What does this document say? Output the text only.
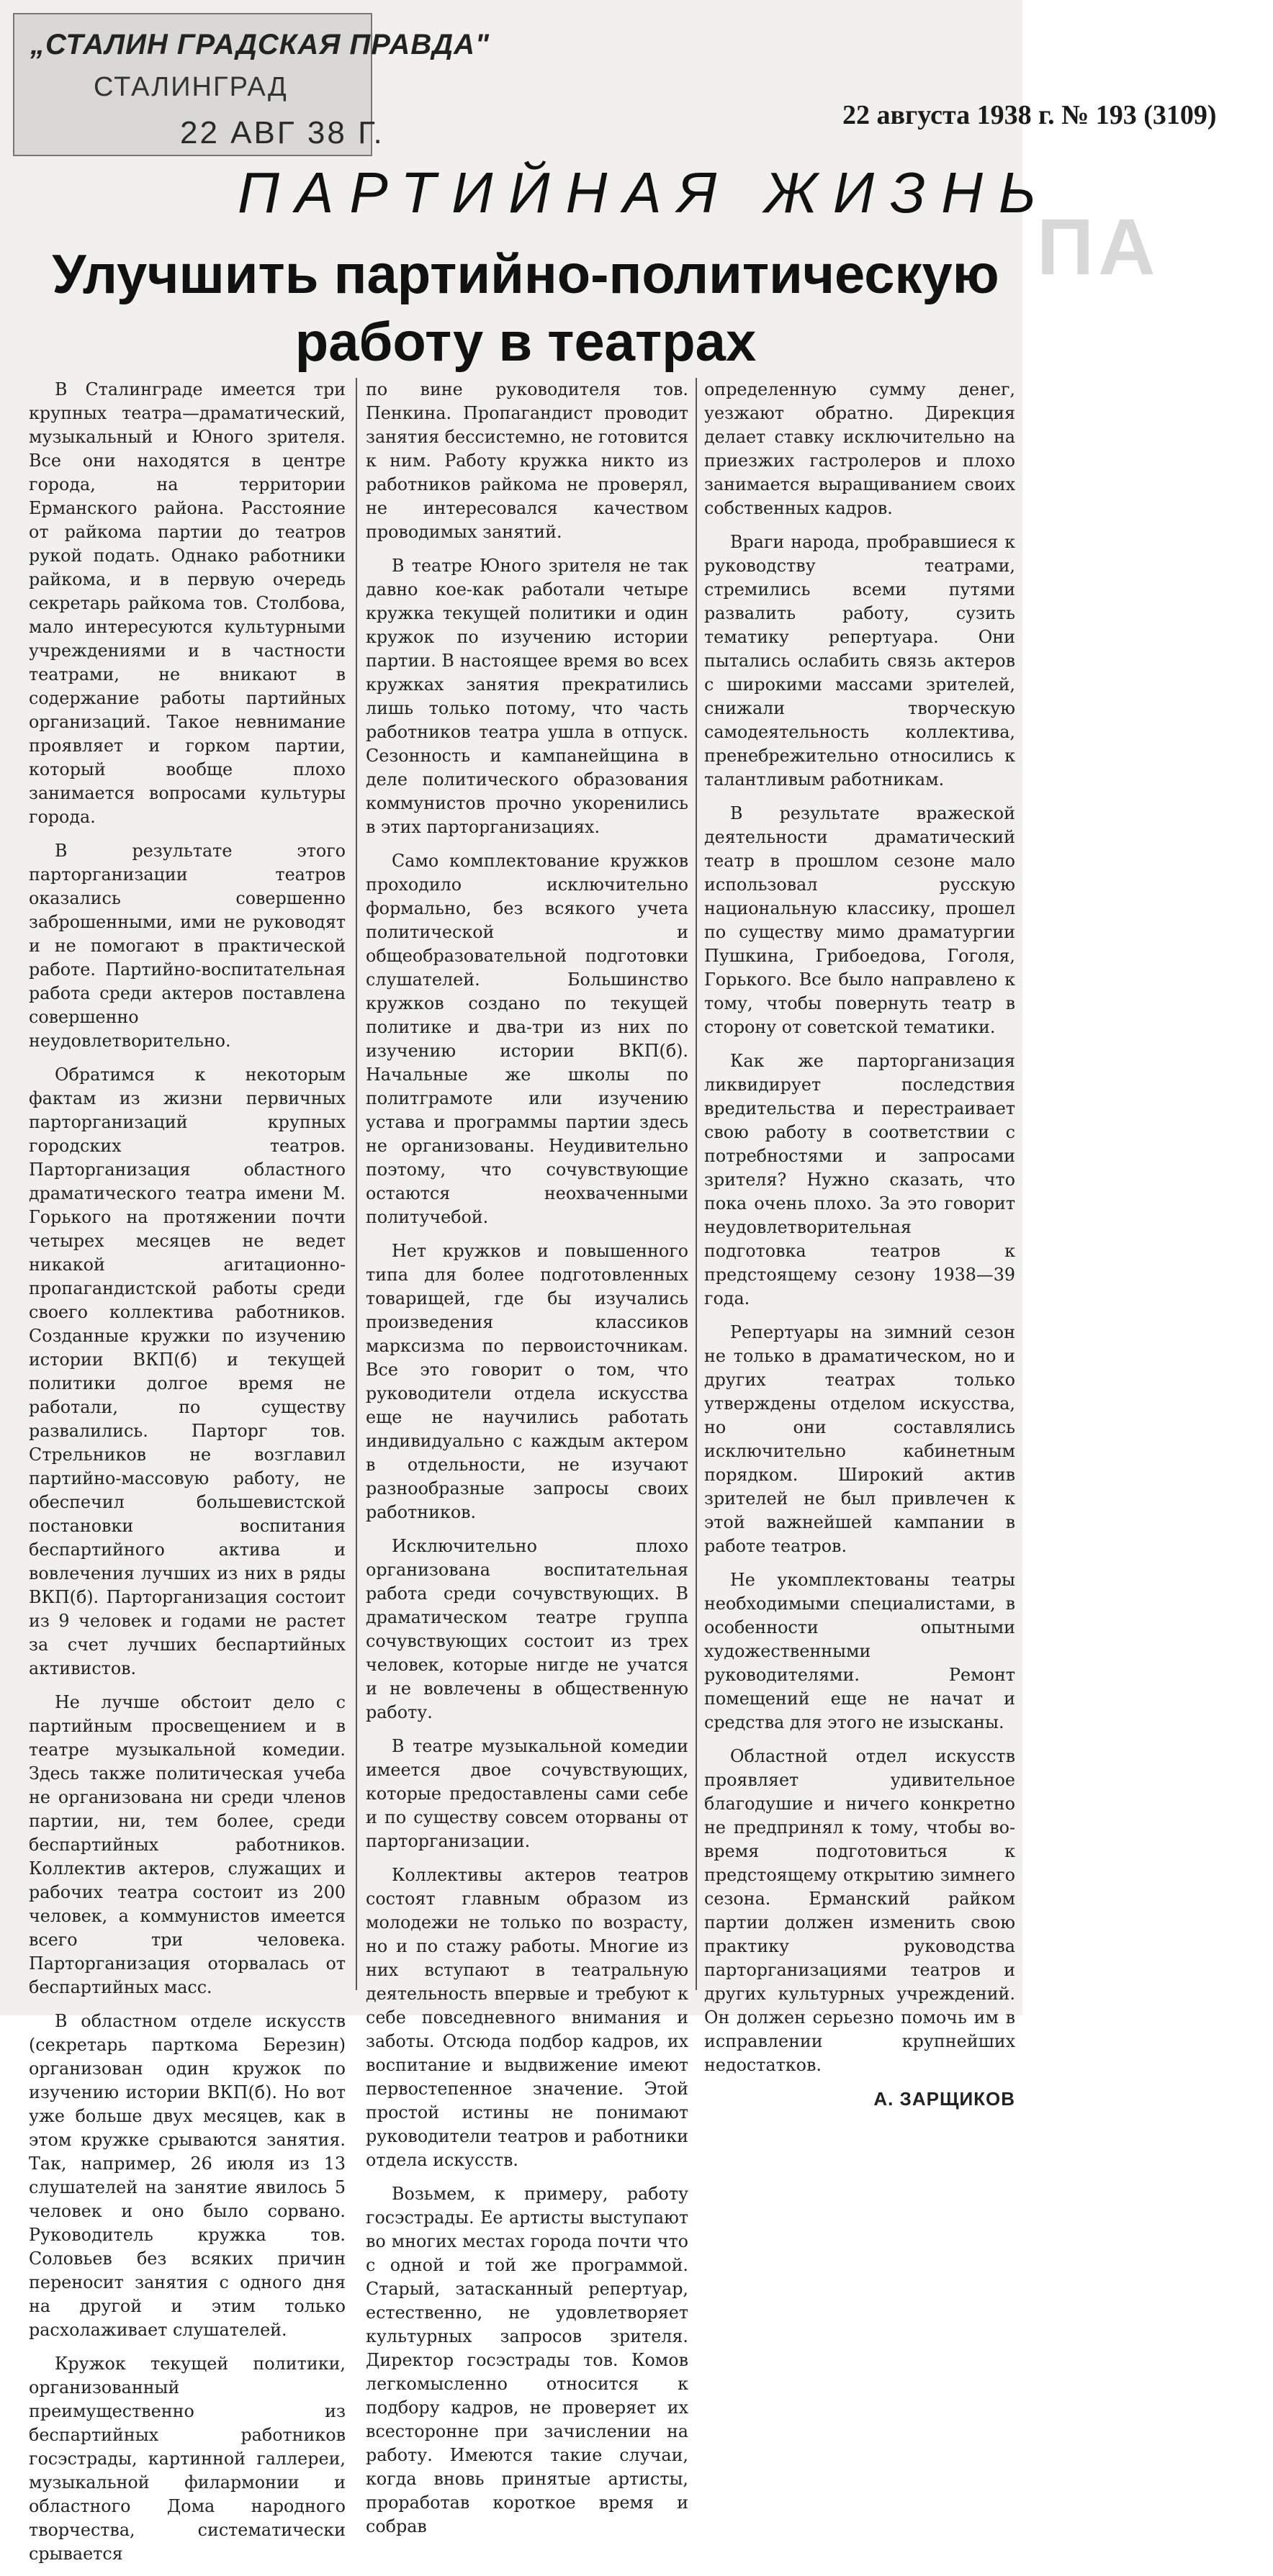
„СТАЛИН ГРАДСКАЯ ПРАВДА"
СТАЛИНГРАД
22 АВГ 38 Г.	22 августа 1938 г. № 193 (3109)
ПАРТИЙНАЯ ЖИЗНЬ
Улучшить партийно-политическую
работу в театрах

В Сталинграде имеется три крупных театра—драматический, музыкальный и Юного зрителя. Все они находятся в центре города, на территории Ерманского района. Расстояние от райкома партии до театров рукой подать. Однако работники райкома, и в первую очередь секретарь райкома тов. Столбова, мало интересуются культурными учреждениями и в частности театрами, не вникают в содержание работы партийных организаций. Такое невнимание проявляет и горком партии, который вообще плохо занимается вопросами культуры города.

В результате этого парторганизации театров оказались совершенно заброшенными, ими не руководят и не помогают в практической работе. Партийно-воспитательная работа среди актеров поставлена совершенно неудовлетворительно.

Обратимся к некоторым фактам из жизни первичных парторганизаций крупных городских театров. Парторганизация областного драматического театра имени М. Горького на протяжении почти четырех месяцев не ведет никакой агитационно-пропагандистской работы среди своего коллектива работников. Созданные кружки по изучению истории ВКП(б) и текущей политики долгое время не работали, по существу развалились. Парторг тов. Стрельников не возглавил партийно-массовую работу, не обеспечил большевистской постановки воспитания беспартийного актива и вовлечения лучших из них в ряды ВКП(б). Парторганизация состоит из 9 человек и годами не растет за счет лучших беспартийных активистов.

Не лучше обстоит дело с партийным просвещением и в театре музыкальной комедии. Здесь также политическая учеба не организована ни среди членов партии, ни, тем более, среди беспартийных работников. Коллектив актеров, служащих и рабочих театра состоит из 200 человек, а коммунистов имеется всего три человека. Парторганизация оторвалась от беспартийных масс.

В областном отделе искусств (секретарь парткома Березин) организован один кружок по изучению истории ВКП(б). Но вот уже больше двух месяцев, как в этом кружке срываются занятия. Так, например, 26 июля из 13 слушателей на занятие явилось 5 человек и оно было сорвано. Руководитель кружка тов. Соловьев без всяких причин переносит занятия с одного дня на другой и этим только расхолаживает слушателей.

Кружок текущей политики, организованный преимущественно из беспартийных работников госэстрады, картинной галлереи, музыкальной филармонии и областного Дома народного творчества, систематически срывается

по вине руководителя тов. Пенкина. Пропагандист проводит занятия бессистемно, не готовится к ним. Работу кружка никто из работников райкома не проверял, не интересовался качеством проводимых занятий.

В театре Юного зрителя не так давно кое-как работали четыре кружка текущей политики и один кружок по изучению истории партии. В настоящее время во всех кружках занятия прекратились лишь только потому, что часть работников театра ушла в отпуск. Сезонность и кампанейщина в деле политического образования коммунистов прочно укоренились в этих парторганизациях.

Само комплектование кружков проходило исключительно формально, без всякого учета политической и общеобразовательной подготовки слушателей. Большинство кружков создано по текущей политике и два-три из них по изучению истории ВКП(б). Начальные же школы по политграмоте или изучению устава и программы партии здесь не организованы. Неудивительно поэтому, что сочувствующие остаются неохваченными политучебой.

Нет кружков и повышенного типа для более подготовленных товарищей, где бы изучались произведения классиков марксизма по первоисточникам. Все это говорит о том, что руководители отдела искусства еще не научились работать индивидуально с каждым актером в отдельности, не изучают разнообразные запросы своих работников.

Исключительно плохо организована воспитательная работа среди сочувствующих. В драматическом театре группа сочувствующих состоит из трех человек, которые нигде не учатся и не вовлечены в общественную работу.

В театре музыкальной комедии имеется двое сочувствующих, которые предоставлены сами себе и по существу совсем оторваны от парторганизации.

Коллективы актеров театров состоят главным образом из молодежи не только по возрасту, но и по стажу работы. Многие из них вступают в театральную деятельность впервые и требуют к себе повседневного внимания и заботы. Отсюда подбор кадров, их воспитание и выдвижение имеют первостепенное значение. Этой простой истины не понимают руководители театров и работники отдела искусств.

Возьмем, к примеру, работу госэстрады. Ее артисты выступают во многих местах города почти что с одной и той же программой. Старый, затасканный репертуар, естественно, не удовлетворяет культурных запросов зрителя. Директор госэстрады тов. Комов легкомысленно относится к подбору кадров, не проверяет их всесторонне при зачислении на работу. Имеются такие случаи, когда вновь принятые артисты, проработав короткое время и собрав

определенную сумму денег, уезжают обратно. Дирекция делает ставку исключительно на приезжих гастролеров и плохо занимается выращиванием своих собственных кадров.

Враги народа, пробравшиеся к руководству театрами, стремились всеми путями развалить работу, сузить тематику репертуара. Они пытались ослабить связь актеров с широкими массами зрителей, снижали творческую самодеятельность коллектива, пренебрежительно относились к талантливым работникам.

В результате вражеской деятельности драматический театр в прошлом сезоне мало использовал русскую национальную классику, прошел по существу мимо драматургии Пушкина, Грибоедова, Гоголя, Горького. Все было направлено к тому, чтобы повернуть театр в сторону от советской тематики.

Как же парторганизация ликвидирует последствия вредительства и перестраивает свою работу в соответствии с потребностями и запросами зрителя? Нужно сказать, что пока очень плохо. За это говорит неудовлетворительная подготовка театров к предстоящему сезону 1938—39 года.

Репертуары на зимний сезон не только в драматическом, но и других театрах только утверждены отделом искусства, но они составлялись исключительно кабинетным порядком. Широкий актив зрителей не был привлечен к этой важнейшей кампании в работе театров.

Не укомплектованы театры необходимыми специалистами, в особенности опытными художественными руководителями. Ремонт помещений еще не начат и средства для этого не изысканы.

Областной отдел искусств проявляет удивительное благодушие и ничего конкретно не предпринял к тому, чтобы во-время подготовиться к предстоящему открытию зимнего сезона. Ерманский райком партии должен изменить свою практику руководства парторганизациями театров и других культурных учреждений. Он должен серьезно помочь им в исправлении крупнейших недостатков.

А. ЗАРЩИКОВ
ПА
